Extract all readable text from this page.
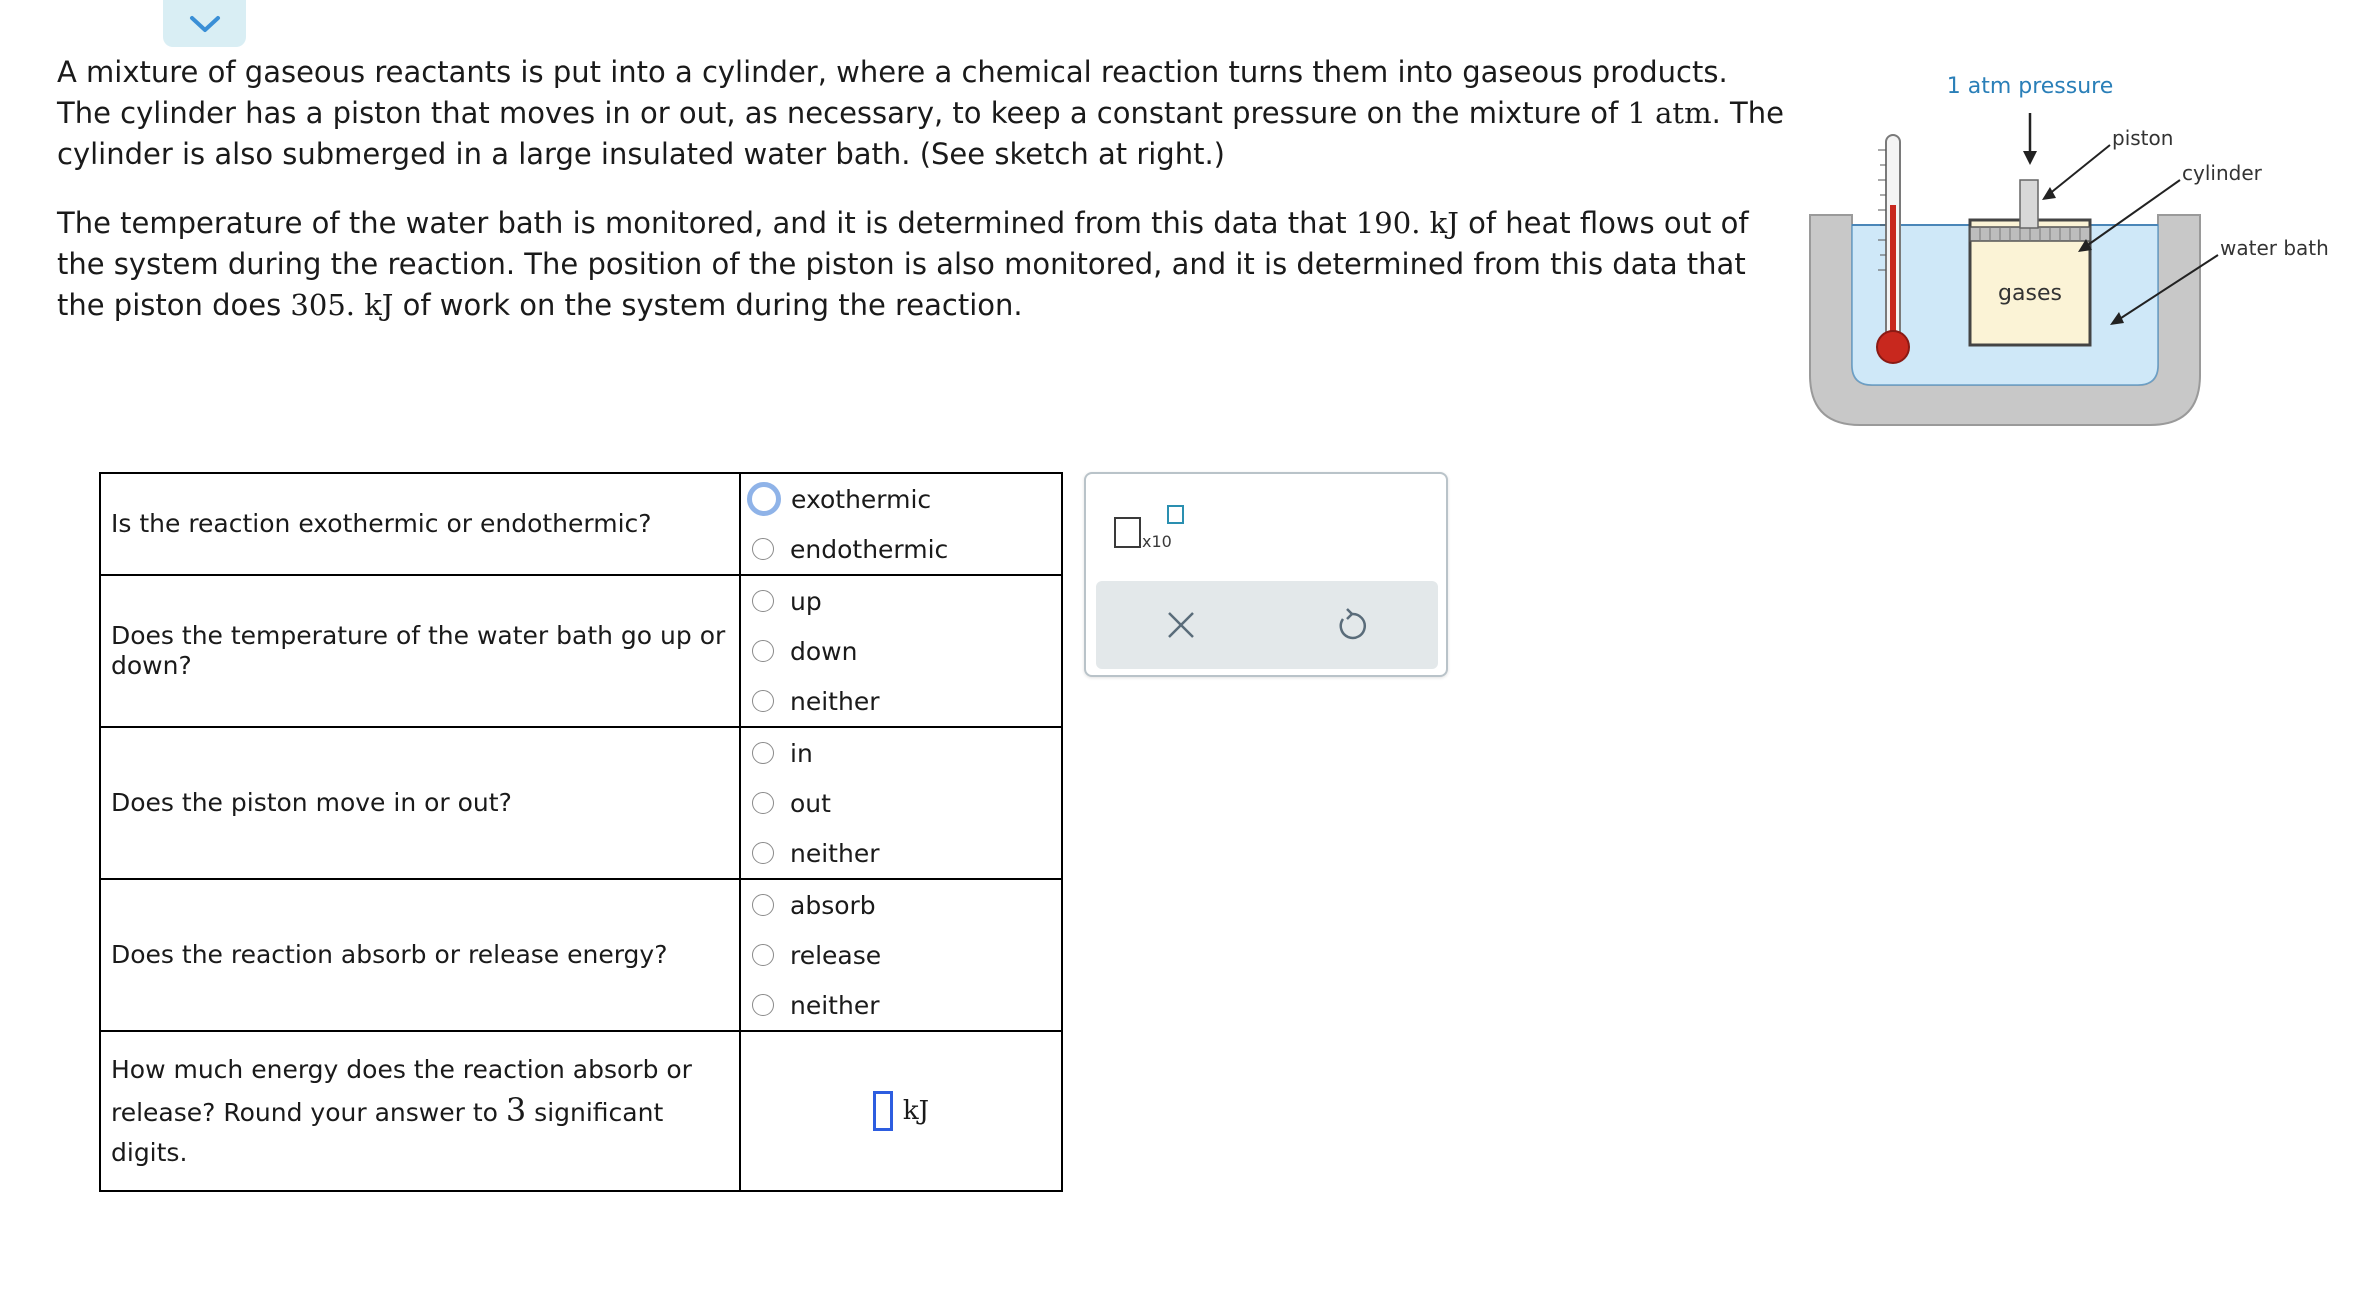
A mixture of gaseous reactants is put into a cylinder, where a chemical reaction turns them into gaseous products. The cylinder has a piston that moves in or out, as necessary, to keep a constant pressure on the mixture of 1 atm. The cylinder is also submerged in a large insulated water bath. (See sketch at right.)

The temperature of the water bath is monitored, and it is determined from this data that 190. kJ of heat flows out of the system during the reaction. The position of the piston is also monitored, and it is determined from this data that the piston does 305. kJ of work on the system during the reaction.

Is the reaction exothermic or endothermic?	exothermic
endothermic

Does the temperature of the water bath go up or down?	up
down
neither

Does the piston move in or out?	in
out
neither

Does the reaction absorb or release energy?	absorb
release
neither

How much energy does the reaction absorb or release? Round your answer to 3 significant digits.	kJ
x10
gases
1 atm pressure
piston
cylinder
water bath
